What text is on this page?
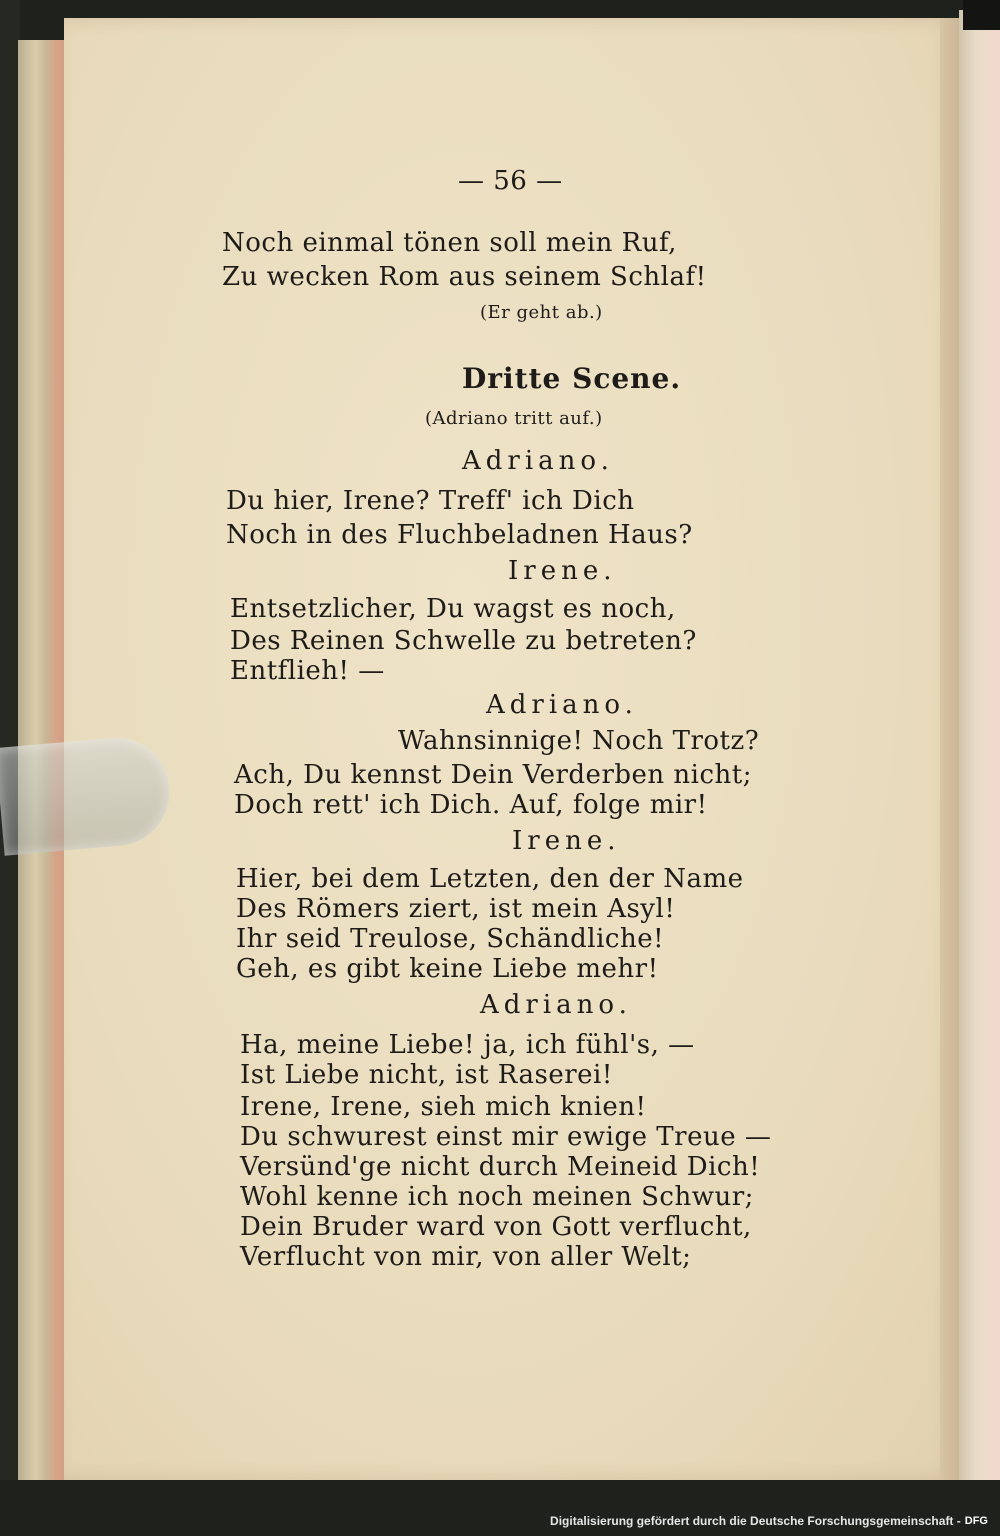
— 56 —
Noch einmal tönen soll mein Ruf,
Zu wecken Rom aus seinem Schlaf!
(Er geht ab.)
Dritte Scene.
(Adriano tritt auf.)
Adriano.
Du hier, Irene? Treff' ich Dich
Noch in des Fluchbeladnen Haus?
Irene.
Entsetzlicher, Du wagst es noch,
Des Reinen Schwelle zu betreten?
Entflieh! —
Adriano.
Wahnsinnige! Noch Trotz?
Ach, Du kennst Dein Verderben nicht;
Doch rett' ich Dich. Auf, folge mir!
Irene.
Hier, bei dem Letzten, den der Name
Des Römers ziert, ist mein Asyl!
Ihr seid Treulose, Schändliche!
Geh, es gibt keine Liebe mehr!
Adriano.
Ha, meine Liebe! ja, ich fühl's, —
Ist Liebe nicht, ist Raserei!
Irene, Irene, sieh mich knien!
Du schwurest einst mir ewige Treue —
Versünd'ge nicht durch Meineid Dich!
Wohl kenne ich noch meinen Schwur;
Dein Bruder ward von Gott verflucht,
Verflucht von mir, von aller Welt;
Digitalisierung gefördert durch die Deutsche Forschungsgemeinschaft - DFG
